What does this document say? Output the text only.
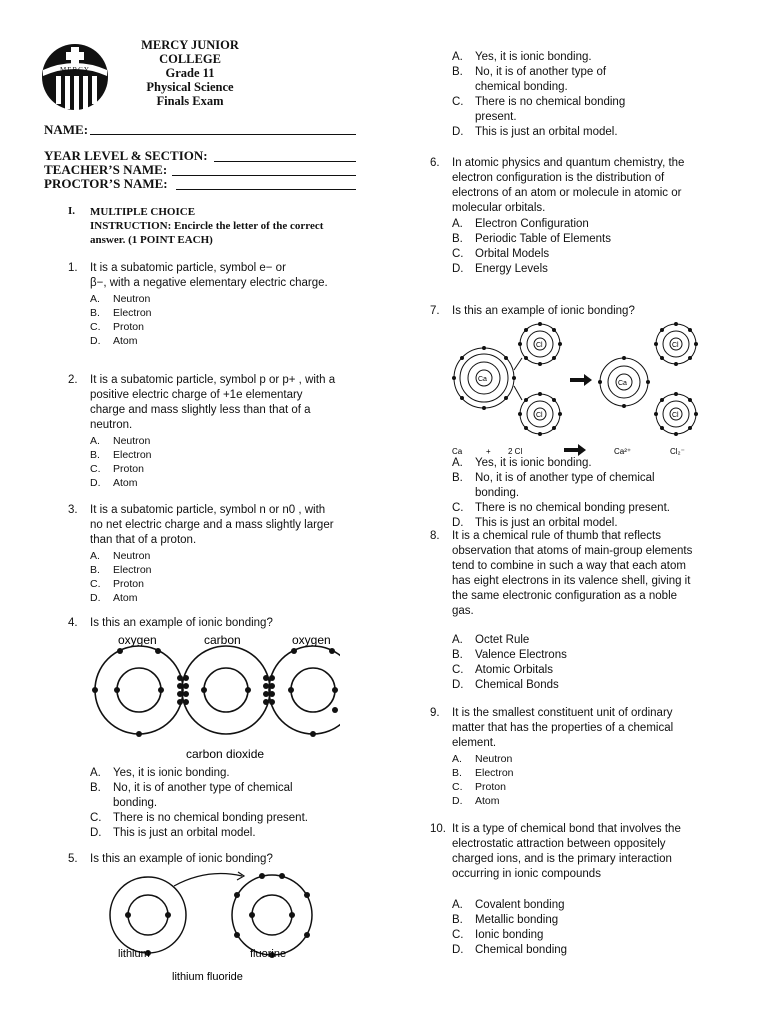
MERCY
MERCY JUNIOR COLLEGE
Grade 11
Physical Science
Finals Exam
NAME:
YEAR LEVEL & SECTION:
TEACHER’S NAME:
PROCTOR’S NAME:
I. MULTIPLE CHOICE
INSTRUCTION: Encircle the letter of the correct
answer. (1 POINT EACH)
1. It is a subatomic particle, symbol e− or
β−, with a negative elementary electric charge.
A.	Neutron
B.	Electron
C.	Proton
D.	Atom
2. It is a subatomic particle, symbol p or p+ , with a
positive electric charge of +1e elementary
charge and mass slightly less than that of a
neutron.
A.	Neutron
B.	Electron
C.	Proton
D.	Atom
3. It is a subatomic particle, symbol n or n0 , with
no net electric charge and a mass slightly larger
than that of a proton.
A.	Neutron
B.	Electron
C.	Proton
D.	Atom
4. Is this an example of ionic bonding?
A.	Yes, it is ionic bonding.
B.	No, it is of another type of chemical
bonding.
C.	There is no chemical bonding present.
D.	This is just an orbital model.
5. Is this an example of ionic bonding?
A.	Yes, it is ionic bonding.
B.	No, it is of another type of
chemical bonding.
C.	There is no chemical bonding
present.
D.	This is just an orbital model.
6. In atomic physics and quantum chemistry, the
electron configuration is the distribution of
electrons of an atom or molecule in atomic or
molecular orbitals.
A.	Electron Configuration
B.	Periodic Table of Elements
C.	Orbital Models
D.	Energy Levels
7. Is this an example of ionic bonding?
A.	Yes, it is ionic bonding.
B.	No, it is of another type of chemical
bonding.
C.	There is no chemical bonding present.
D.	This is just an orbital model.
8. It is a chemical rule of thumb that reflects
observation that atoms of main-group elements
tend to combine in such a way that each atom
has eight electrons in its valence shell, giving it
the same electronic configuration as a noble
gas.
A.	Octet Rule
B.	Valence Electrons
C.	Atomic Orbitals
D.	Chemical Bonds
9. It is the smallest constituent unit of ordinary
matter that has the properties of a chemical
element.
A.	Neutron
B.	Electron
C.	Proton
D.	Atom
10. It is a type of chemical bond that involves the
electrostatic attraction between oppositely
charged ions, and is the primary interaction
occurring in ionic compounds
A.	Covalent bonding
B.	Metallic bonding
C.	Ionic bonding
D.	Chemical bonding
oxygen	carbon	oxygen
carbon dioxide
lithium	fluorine
lithium fluoride
Ca
Cl
Cl
Ca
Cl
Cl
Ca	+ 2 Cl	Ca²⁺	Cl₂⁻
